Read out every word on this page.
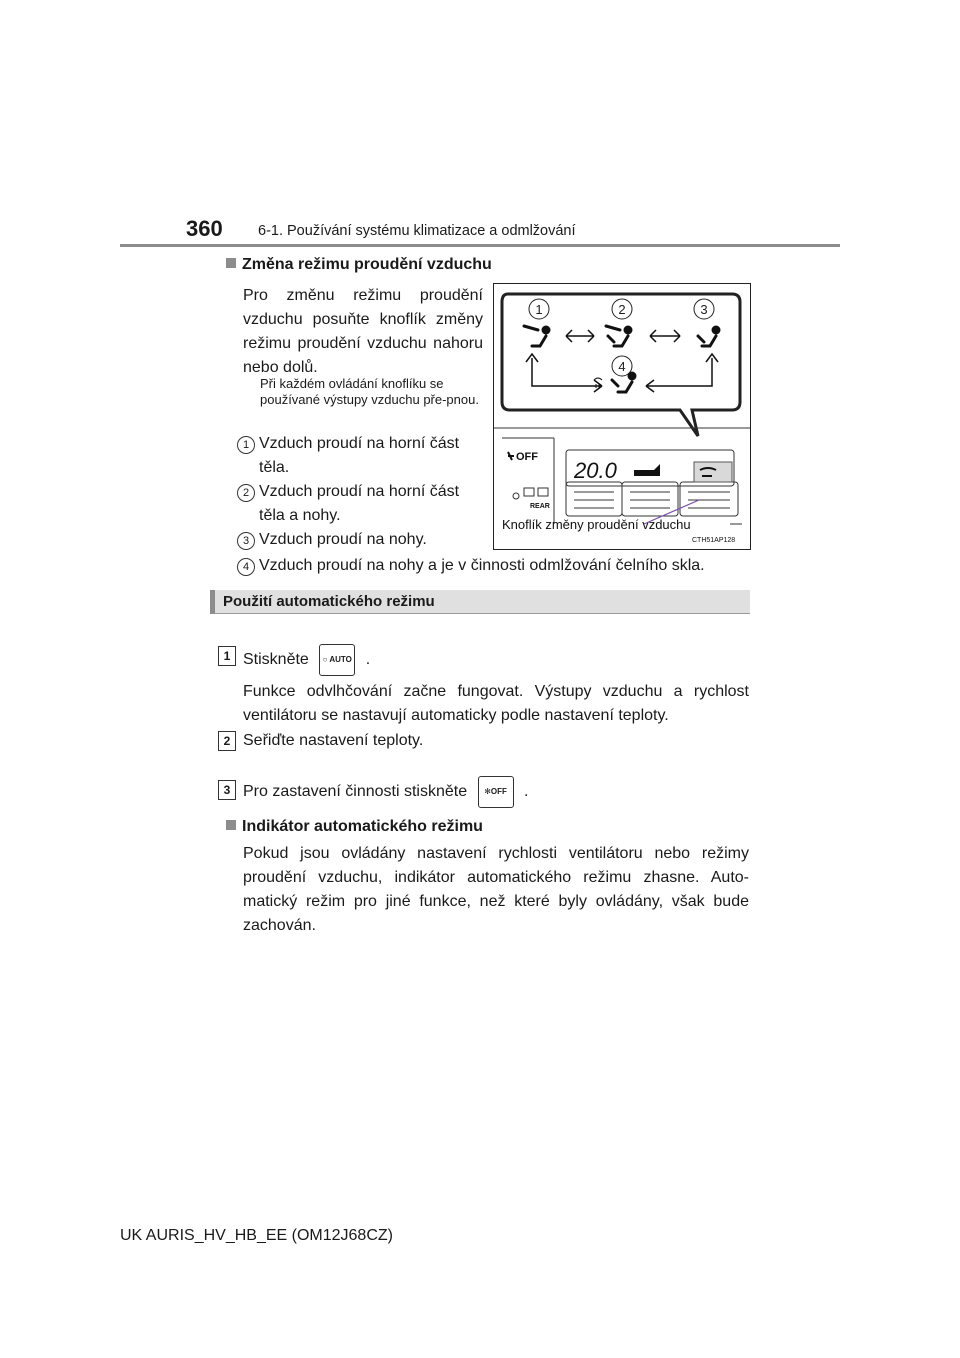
360 6-1. Používání systému klimatizace a odmlžování
Změna režimu proudění vzduchu
Pro změnu režimu proudění vzduchu posuňte knoflík změny režimu proudění vzduchu nahoru nebo dolů.
Při každém ovládání knoflíku se používané výstupy vzduchu pře-pnou.
1 Vzduch proudí na horní část těla.
2 Vzduch proudí na horní část těla a nohy.
3 Vzduch proudí na nohy.
4 Vzduch proudí na nohy a je v činnosti odmlžování čelního skla.
1	2	3
4
OFF
20.0
REAR
Knoflík změny proudění vzduchu
CTH51AP128
Použití automatického režimu
1 Stiskněte ○ AUTO .
Funkce odvlhčování začne fungovat. Výstupy vzduchu a rychlost ventilátoru se nastavují automaticky podle nastavení teploty.
2 Seřiďte nastavení teploty.
3 Pro zastavení činnosti stiskněte ✻OFF .
Indikátor automatického režimu
Pokud jsou ovládány nastavení rychlosti ventilátoru nebo režimy proudění vzduchu, indikátor automatického režimu zhasne. Auto-matický režim pro jiné funkce, než které byly ovládány, však bude zachován.
UK AURIS_HV_HB_EE (OM12J68CZ)
